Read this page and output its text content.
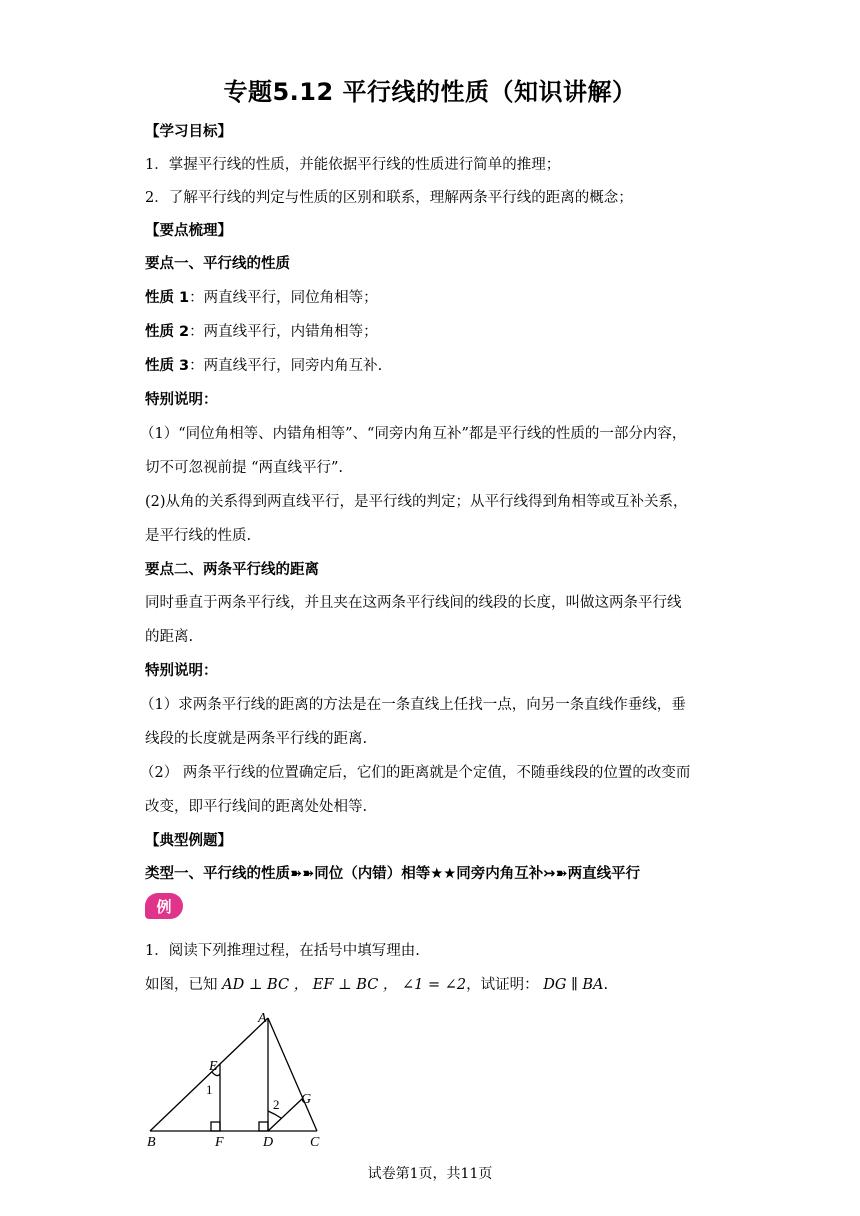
专题5.12 平行线的性质（知识讲解）
【学习目标】
1．掌握平行线的性质，并能依据平行线的性质进行简单的推理；
2．了解平行线的判定与性质的区别和联系，理解两条平行线的距离的概念；
【要点梳理】
要点一、平行线的性质
性质 1：两直线平行，同位角相等；
性质 2：两直线平行，内错角相等；
性质 3：两直线平行，同旁内角互补.
特别说明：
（1）“同位角相等、内错角相等”、“同旁内角互补”都是平行线的性质的一部分内容，
切不可忽视前提 “两直线平行”.
(2)从角的关系得到两直线平行，是平行线的判定；从平行线得到角相等或互补关系，
是平行线的性质.
要点二、两条平行线的距离
同时垂直于两条平行线，并且夹在这两条平行线间的线段的长度，叫做这两条平行线
的距离.
特别说明：
（1）求两条平行线的距离的方法是在一条直线上任找一点，向另一条直线作垂线，垂
线段的长度就是两条平行线的距离.
（2） 两条平行线的位置确定后，它们的距离就是个定值，不随垂线段的位置的改变而
改变，即平行线间的距离处处相等.
【典型例题】
类型一、平行线的性质➽➽同位（内错）相等★★同旁内角互补↣➽两直线平行
例
1．阅读下列推理过程，在括号中填写理由.
如图，已知 AD ⊥ BC ， EF ⊥ BC ， ∠1 = ∠2，试证明： DG ∥ BA.
A
B	C
D
E
F
G
1
2
试卷第1页，共11页
